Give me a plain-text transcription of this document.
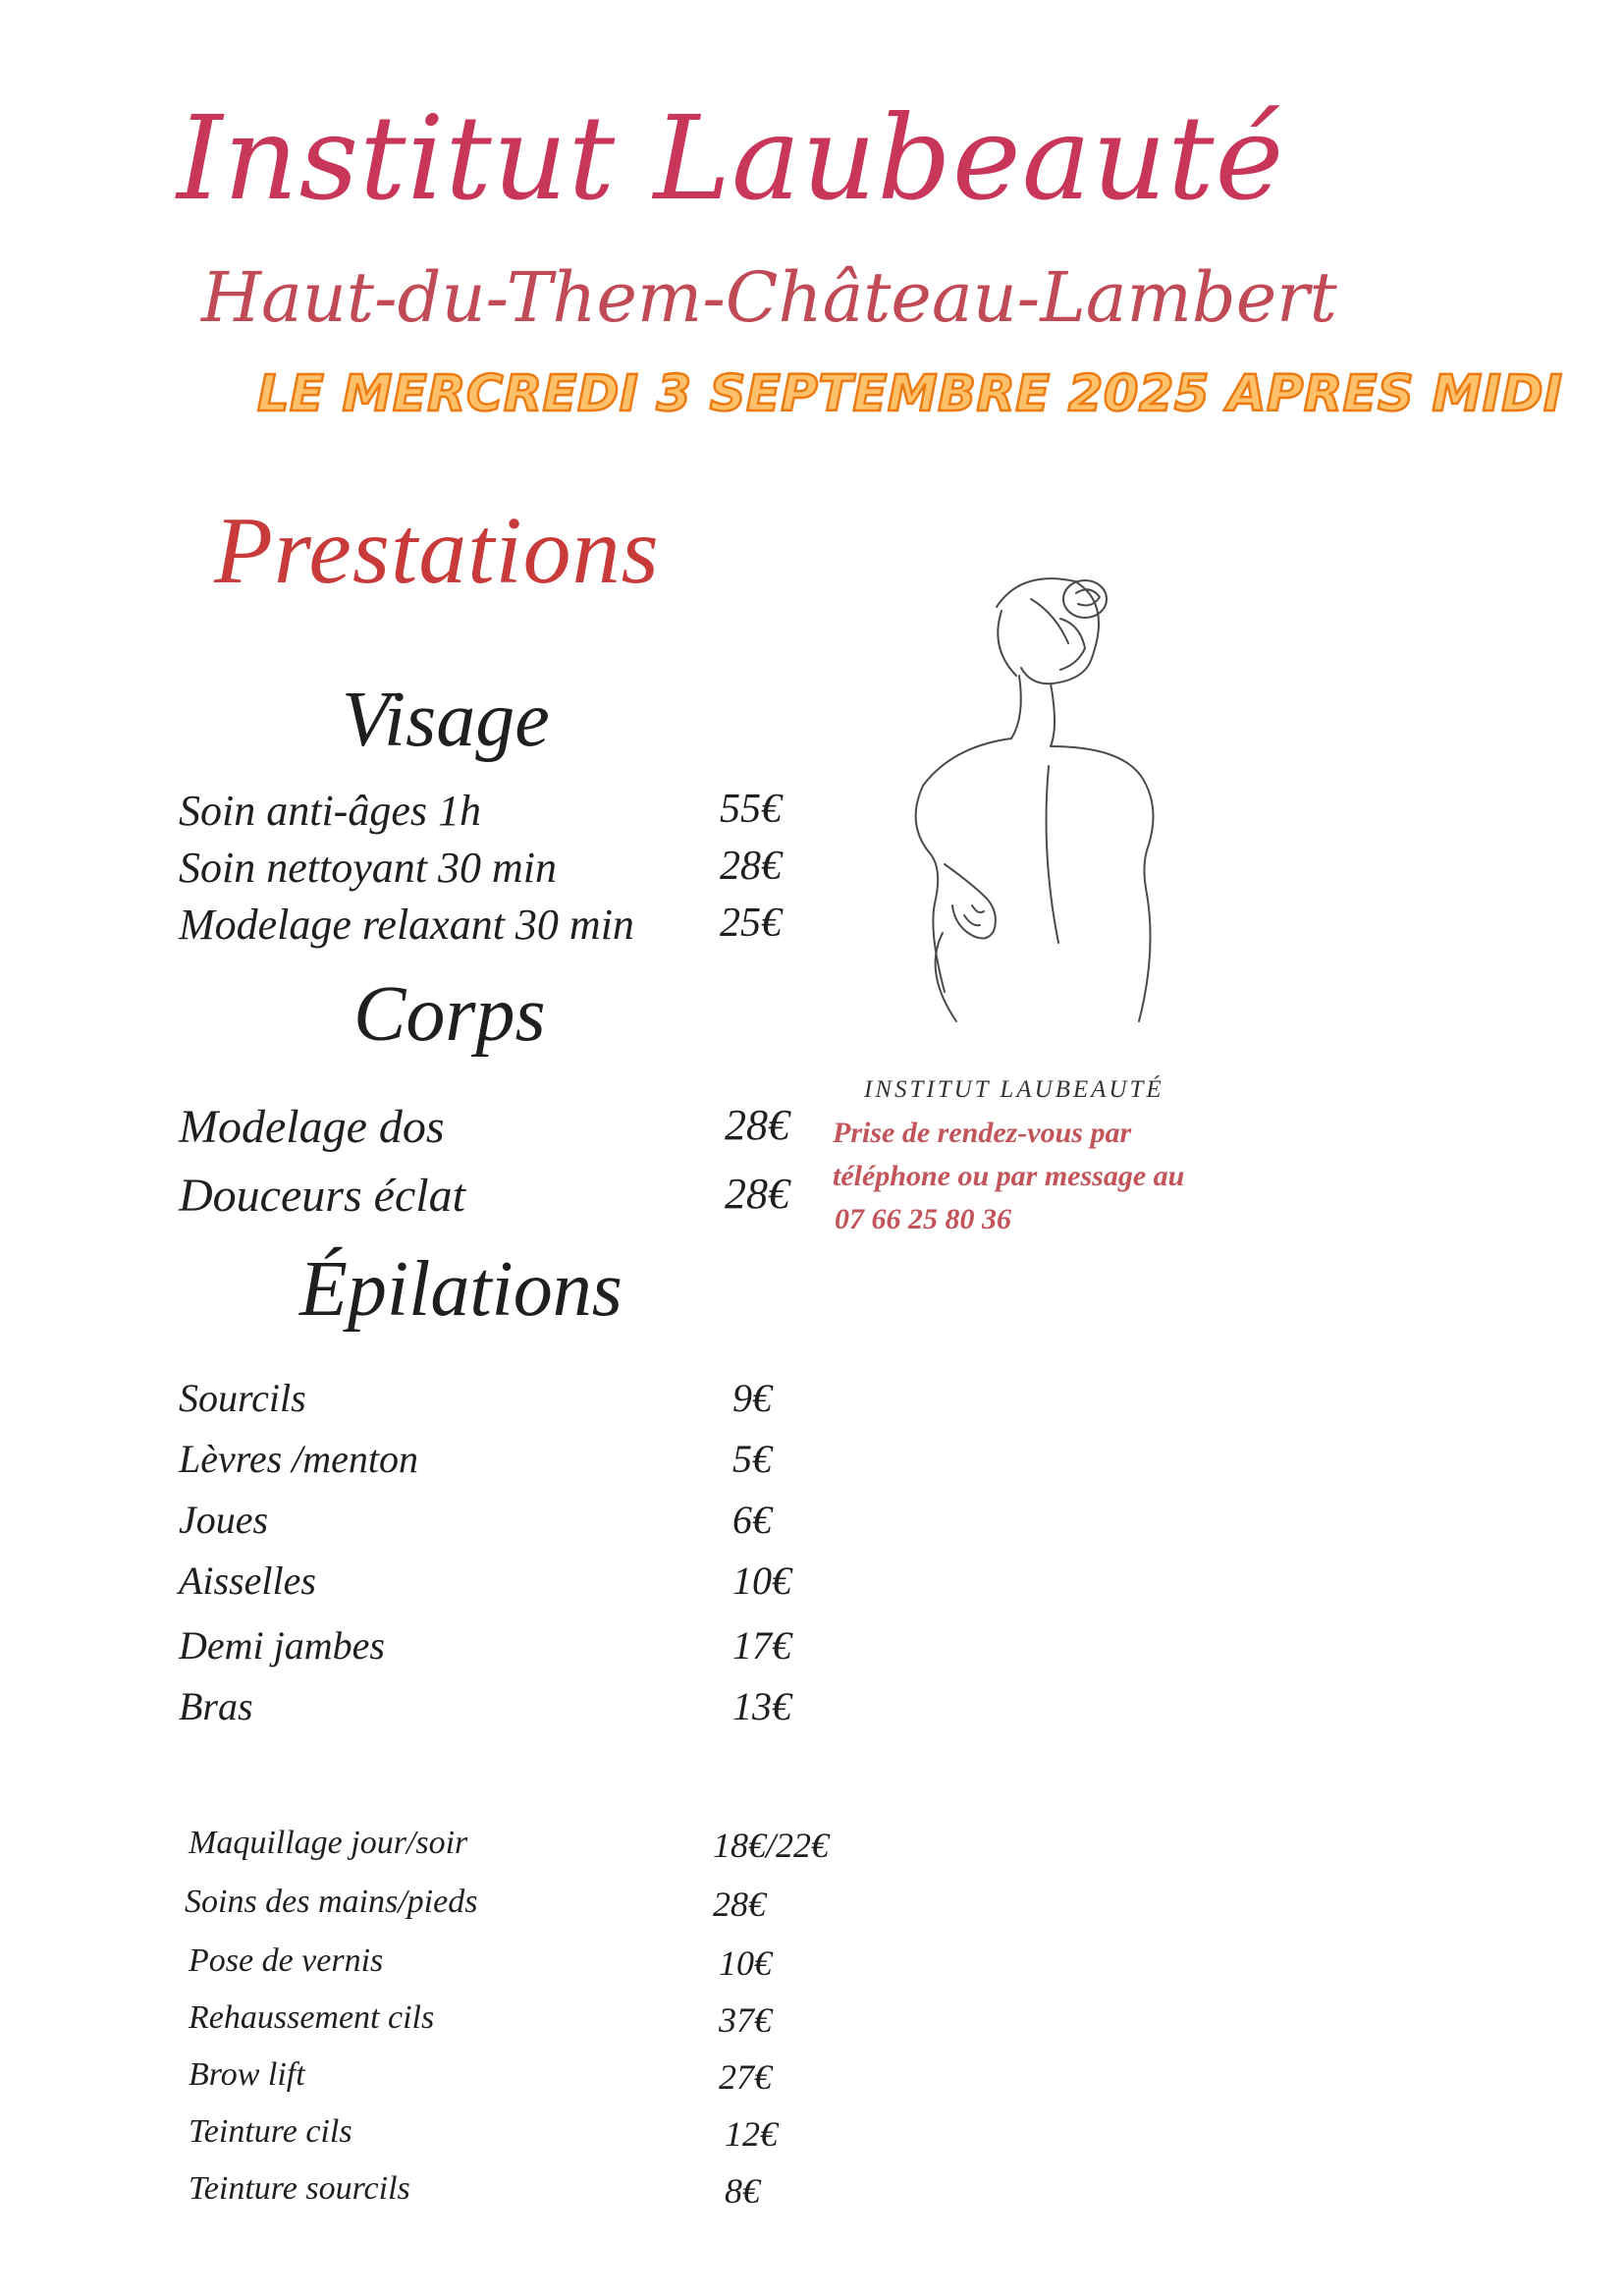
Institut Laubeauté
Haut-du-Them-Château-Lambert
LE MERCREDI 3 SEPTEMBRE 2025 APRES MIDI
Prestations
Visage
Soin anti-âges 1h	55€
Soin nettoyant 30 min	28€
Modelage relaxant 30 min 25€
Corps
Modelage dos	28€
Douceurs éclat	28€
Épilations
Sourcils	9€
Lèvres /menton	5€
Joues	6€
Aisselles	10€
Demi jambes	17€
Bras	13€
Maquillage jour/soir	18€/22€
Soins des mains/pieds	28€
Pose de vernis	10€
Rehaussement cils	37€
Brow lift	27€
Teinture cils	12€
Teinture sourcils	8€
INSTITUT LAUBEAUTÉ
Prise de rendez-vous par
téléphone ou par message au
07 66 25 80 36
